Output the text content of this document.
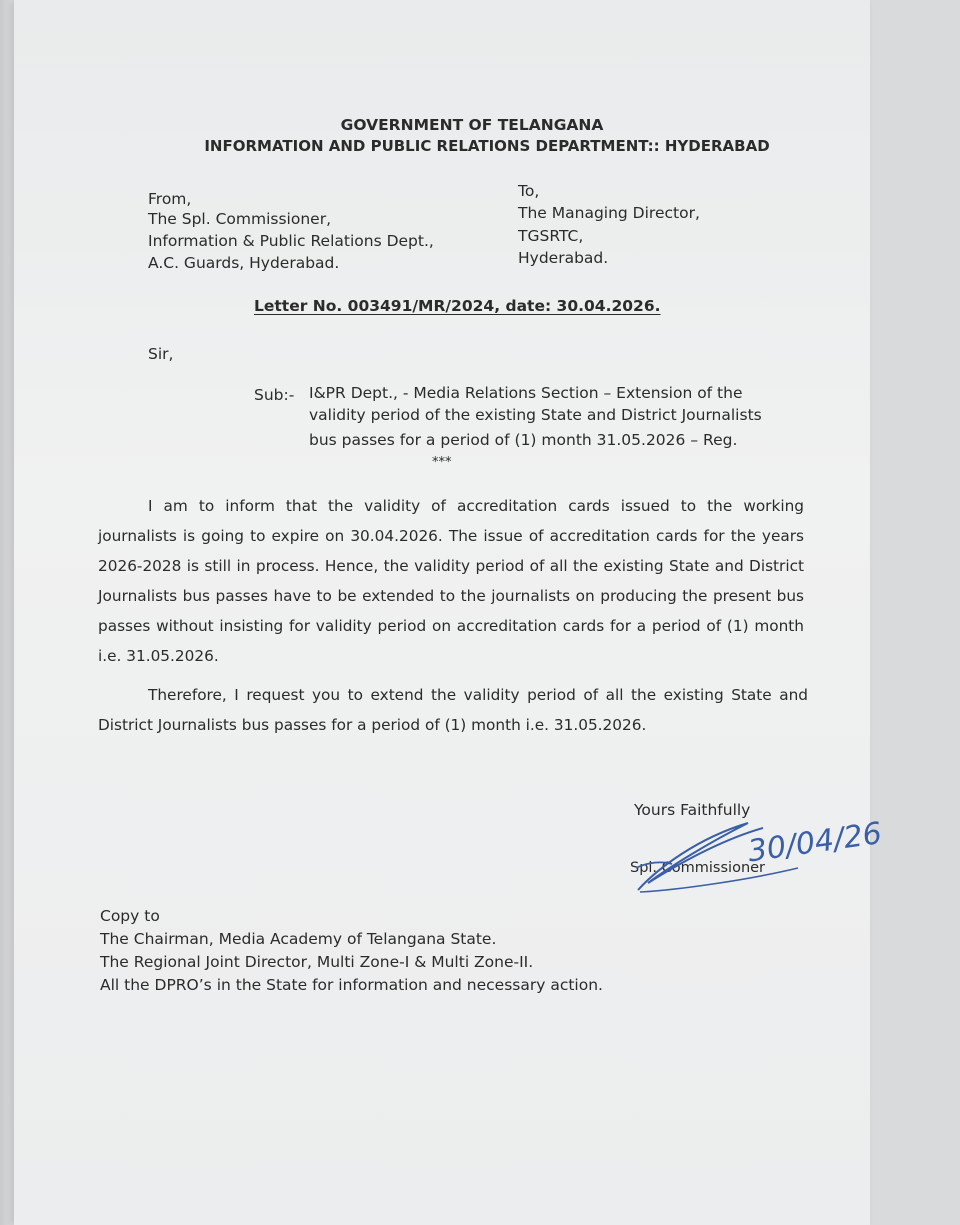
GOVERNMENT OF TELANGANA
INFORMATION AND PUBLIC RELATIONS DEPARTMENT:: HYDERABAD
From,
The Spl. Commissioner,
Information & Public Relations Dept.,
A.C. Guards, Hyderabad.
To,
The Managing Director,
TGSRTC,
Hyderabad.
Letter No. 003491/MR/2024, date: 30.04.2026.
Sir,
Sub:- I&PR Dept., - Media Relations Section – Extension of the
validity period of the existing State and District Journalists
bus passes for a period of (1) month 31.05.2026 – Reg.
***
I am to inform that the validity of accreditation cards issued to the working journalists is going to expire on 30.04.2026. The issue of accreditation cards for the years 2026-2028 is still in process. Hence, the validity period of all the existing State and District Journalists bus passes have to be extended to the journalists on producing the present bus passes without insisting for validity period on accreditation cards for a period of (1) month i.e. 31.05.2026.
Therefore, I request you to extend the validity period of all the existing State and District Journalists bus passes for a period of (1) month i.e. 31.05.2026.
Yours Faithfully
Spl. Commissioner
30/04/26
Copy to
The Chairman, Media Academy of Telangana State.
The Regional Joint Director, Multi Zone-I & Multi Zone-II.
All the DPRO’s in the State for information and necessary action.
